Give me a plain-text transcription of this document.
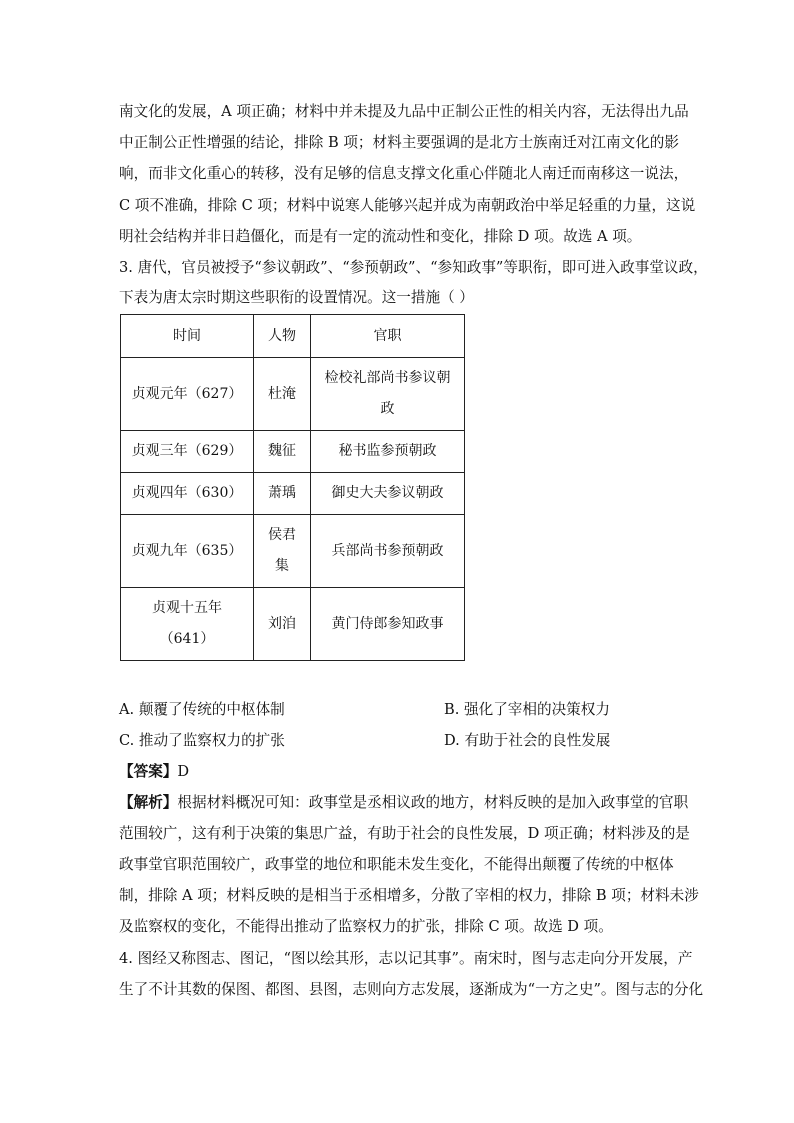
南文化的发展，A 项正确；材料中并未提及九品中正制公正性的相关内容，无法得出九品
中正制公正性增强的结论，排除 B 项；材料主要强调的是北方士族南迁对江南文化的影
响，而非文化重心的转移，没有足够的信息支撑文化重心伴随北人南迁而南移这一说法，
C 项不准确，排除 C 项；材料中说寒人能够兴起并成为南朝政治中举足轻重的力量，这说
明社会结构并非日趋僵化，而是有一定的流动性和变化，排除 D 项。故选 A 项。
3. 唐代，官员被授予“参议朝政”、“参预朝政”、“参知政事”等职衔，即可进入政事堂议政，
下表为唐太宗时期这些职衔的设置情况。这一措施（ ）
时间	人物	官职
贞观元年（627）	杜淹	检校礼部尚书参议朝
政
贞观三年（629）	魏征	秘书监参预朝政
贞观四年（630）	萧瑀	御史大夫参议朝政
贞观九年（635）	侯君
集	兵部尚书参预朝政
贞观十五年
（641）	刘洎	黄门侍郎参知政事
A. 颠覆了传统的中枢体制	B. 强化了宰相的决策权力
C. 推动了监察权力的扩张	D. 有助于社会的良性发展
【答案】D
【解析】根据材料概况可知：政事堂是丞相议政的地方，材料反映的是加入政事堂的官职
范围较广，这有利于决策的集思广益，有助于社会的良性发展，D 项正确；材料涉及的是
政事堂官职范围较广，政事堂的地位和职能未发生变化，不能得出颠覆了传统的中枢体
制，排除 A 项；材料反映的是相当于丞相增多，分散了宰相的权力，排除 B 项；材料未涉
及监察权的变化，不能得出推动了监察权力的扩张，排除 C 项。故选 D 项。
4. 图经又称图志、图记，“图以绘其形，志以记其事”。南宋时，图与志走向分开发展，产
生了不计其数的保图、都图、县图，志则向方志发展，逐渐成为“一方之史”。图与志的分化
